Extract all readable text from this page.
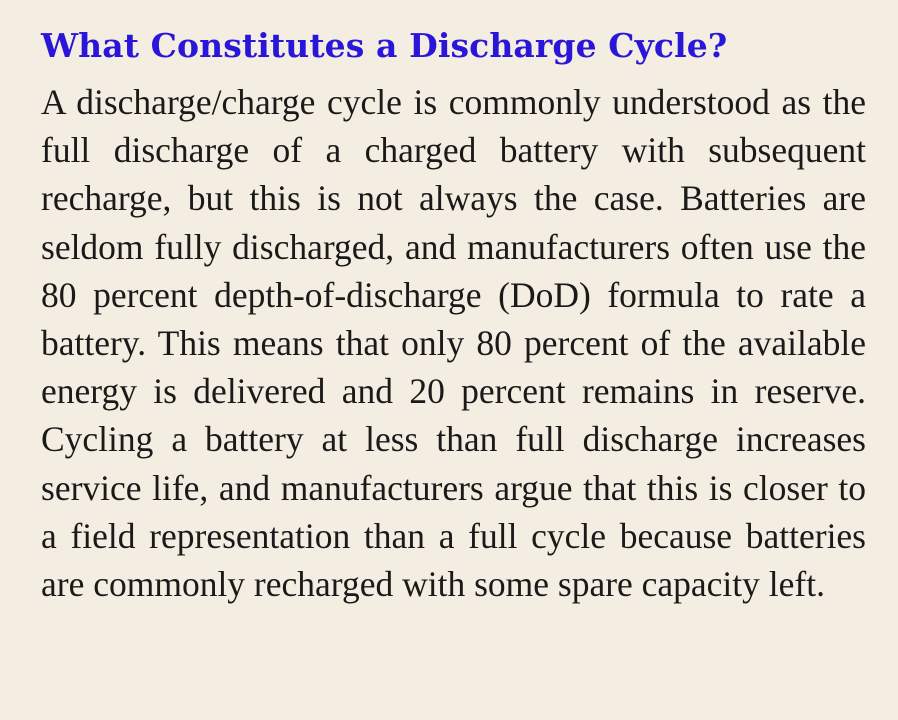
What Constitutes a Discharge Cycle?

A discharge/charge cycle is commonly understood as the full discharge of a charged battery with subsequent recharge, but this is not always the case. Batteries are seldom fully discharged, and manufacturers often use the 80 percent depth-of-discharge (DoD) formula to rate a battery. This means that only 80 percent of the available energy is delivered and 20 percent remains in reserve. Cycling a battery at less than full discharge increases service life, and manufacturers argue that this is closer to a field representation than a full cycle because batteries are commonly recharged with some spare capacity left.
